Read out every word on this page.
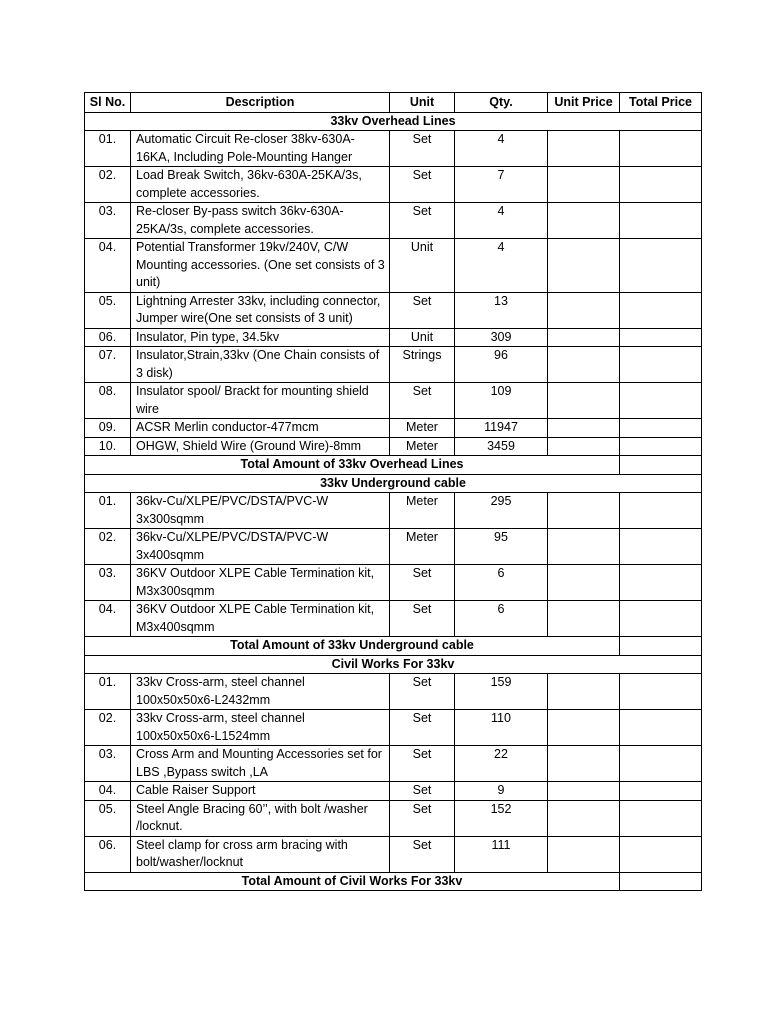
Sl No.	Description	Unit	Qty.	Unit Price	Total Price
33kv Overhead Lines					
01.	Automatic Circuit Re-closer 38kv-630A-16KA, Including Pole-Mounting Hanger	Set	4		
02.	Load Break Switch, 36kv-630A-25KA/3s, complete accessories.	Set	7		
03.	Re-closer By-pass switch 36kv-630A-25KA/3s, complete accessories.	Set	4		
04.	Potential Transformer 19kv/240V, C/W Mounting accessories. (One set consists of 3 unit)	Unit	4		
05.	Lightning Arrester 33kv, including connector, Jumper wire(One set consists of 3 unit)	Set	13		
06.	Insulator, Pin type, 34.5kv	Unit	309		
07.	Insulator,Strain,33kv (One Chain consists of 3 disk)	Strings	96		
08.	Insulator spool/ Brackt for mounting shield wire	Set	109		
09.	ACSR Merlin conductor-477mcm	Meter	11947		
10.	OHGW, Shield Wire (Ground Wire)-8mm	Meter	3459		
Total Amount of 33kv Overhead Lines					
33kv Underground cable					
01.	36kv-Cu/XLPE/PVC/DSTA/PVC-W 3x300sqmm	Meter	295		
02.	36kv-Cu/XLPE/PVC/DSTA/PVC-W 3x400sqmm	Meter	95		
03.	36KV Outdoor XLPE Cable Termination kit, M3x300sqmm	Set	6		
04.	36KV Outdoor XLPE Cable Termination kit, M3x400sqmm	Set	6		
Total Amount of 33kv Underground cable					
Civil Works For 33kv					
01.	33kv Cross-arm, steel channel 100x50x50x6-L2432mm	Set	159		
02.	33kv Cross-arm, steel channel 100x50x50x6-L1524mm	Set	110		
03.	Cross Arm and Mounting Accessories set for LBS ,Bypass switch ,LA	Set	22		
04.	Cable Raiser Support	Set	9		
05.	Steel Angle Bracing 60’’, with bolt /washer /locknut.	Set	152		
06.	Steel clamp for cross arm bracing with bolt/washer/locknut	Set	111		
Total Amount of Civil Works For 33kv					
